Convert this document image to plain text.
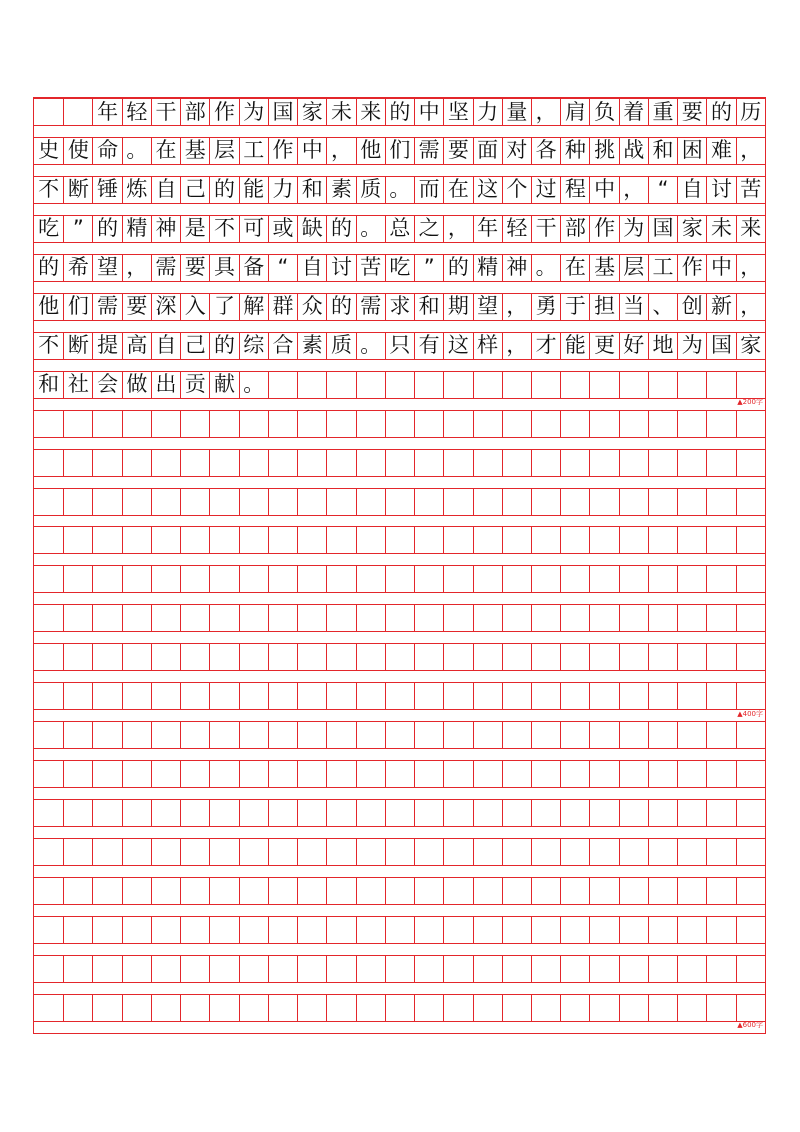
年 轻 干 部 作 为 国 家 未 来 的 中 坚 力 量 ， 肩 负 着 重 要 的 历
史 使 命 。 在 基 层 工 作 中 ， 他 们 需 要 面 对 各 种 挑 战 和 困 难 ，
不 断 锤 炼 自 己 的 能 力 和 素 质 。 而 在 这 个 过 程 中 ， “ 自 讨 苦
吃 ” 的 精 神 是 不 可 或 缺 的 。 总 之 ， 年 轻 干 部 作 为 国 家 未 来
的 希 望 ， 需 要 具 备 “ 自 讨 苦 吃 ” 的 精 神 。 在 基 层 工 作 中 ，
他 们 需 要 深 入 了 解 群 众 的 需 求 和 期 望 ， 勇 于 担 当 、 创 新 ，
不 断 提 高 自 己 的 综 合 素 质 。 只 有 这 样 ， 才 能 更 好 地 为 国 家
和 社 会 做 出 贡 献 。
▲200字
▲400字
▲600字
